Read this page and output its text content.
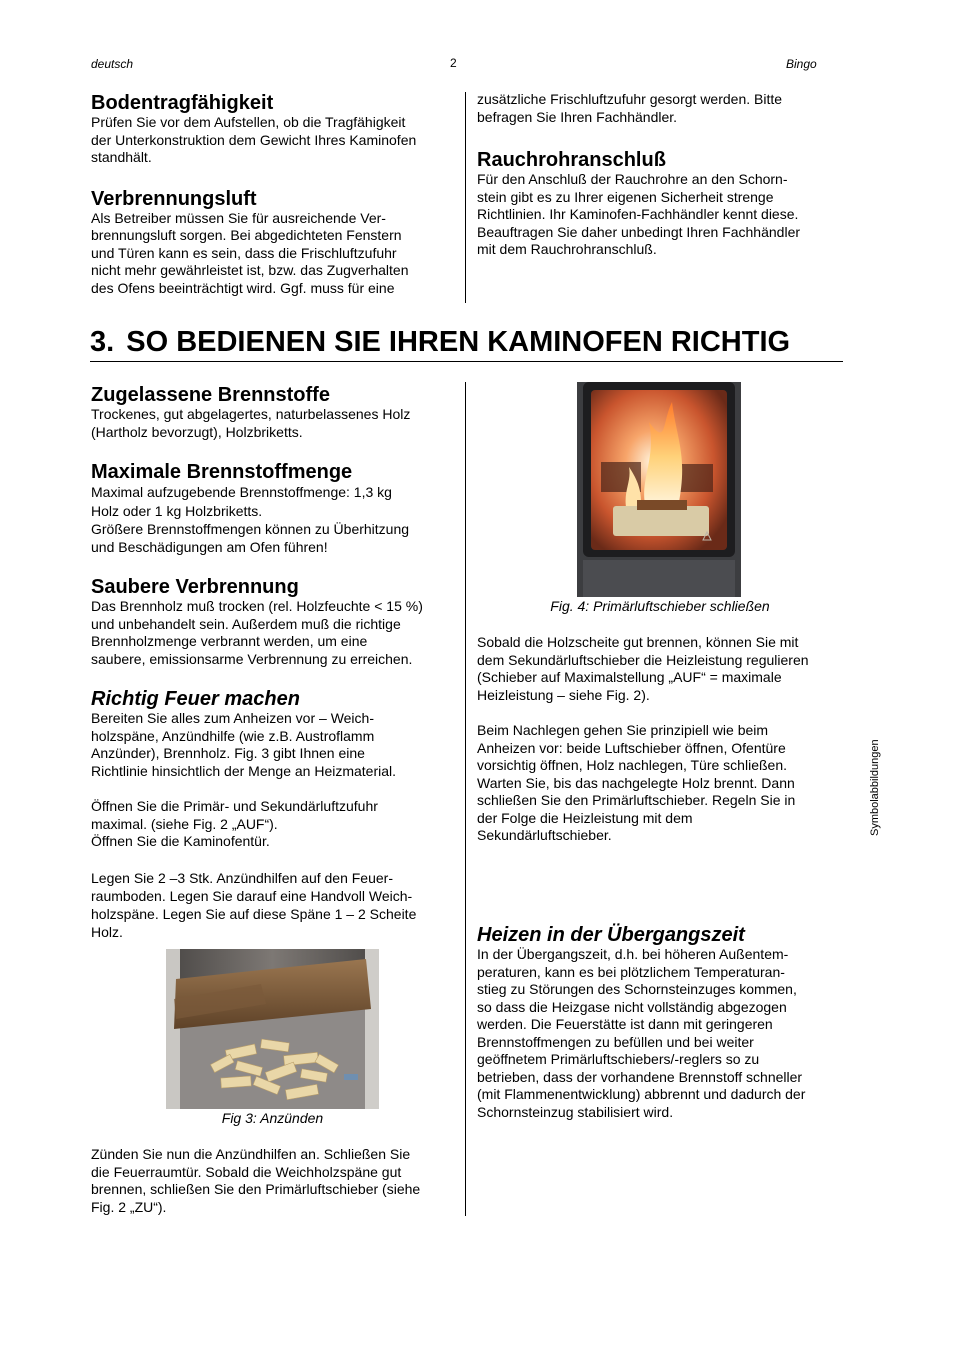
deutsch	2	Bingo
Bodentragfähigkeit

Prüfen Sie vor dem Aufstellen, ob die Tragfähigkeit
der Unterkonstruktion dem Gewicht Ihres Kaminofen
standhält.

Verbrennungsluft

Als Betreiber müssen Sie für ausreichende Ver-
brennungsluft sorgen. Bei abgedichteten Fenstern
und Türen kann es sein, dass die Frischluftzufuhr
nicht mehr gewährleistet ist, bzw. das Zugverhalten
des Ofens beeinträchtigt wird. Ggf. muss für eine

zusätzliche Frischluftzufuhr gesorgt werden. Bitte
befragen Sie Ihren Fachhändler.

Rauchrohranschluß

Für den Anschluß der Rauchrohre an den Schorn-
stein gibt es zu Ihrer eigenen Sicherheit strenge
Richtlinien. Ihr Kaminofen-Fachhändler kennt diese.
Beauftragen Sie daher unbedingt Ihren Fachhändler
mit dem Rauchrohranschluß.

3. SO BEDIENEN SIE IHREN KAMINOFEN RICHTIG
Zugelassene Brennstoffe

Trockenes, gut abgelagertes, naturbelassenes Holz
(Hartholz bevorzugt), Holzbriketts.

Maximale Brennstoffmenge

Maximal aufzugebende Brennstoffmenge: 1,3 kg
Holz oder 1 kg Holzbriketts.

Größere Brennstoffmengen können zu Überhitzung
und Beschädigungen am Ofen führen!

Saubere Verbrennung

Das Brennholz muß trocken (rel. Holzfeuchte < 15 %)
und unbehandelt sein. Außerdem muß die richtige
Brennholzmenge verbrannt werden, um eine
saubere, emissionsarme Verbrennung zu erreichen.

Richtig Feuer machen

Bereiten Sie alles zum Anheizen vor – Weich-
holzspäne, Anzündhilfe (wie z.B. Austroflamm
Anzünder), Brennholz. Fig. 3 gibt Ihnen eine
Richtlinie hinsichtlich der Menge an Heizmaterial.

Öffnen Sie die Primär- und Sekundärluftzufuhr
maximal. (siehe Fig. 2 „AUF“).
Öffnen Sie die Kaminofentür.

Legen Sie 2 –3 Stk. Anzündhilfen auf den Feuer-
raumboden. Legen Sie darauf eine Handvoll Weich-
holzspäne. Legen Sie auf diese Späne 1 – 2 Scheite
Holz.

Fig 3: Anzünden

Zünden Sie nun die Anzündhilfen an. Schließen Sie
die Feuerraumtür. Sobald die Weichholzspäne gut
brennen, schließen Sie den Primärluftschieber (siehe
Fig. 2 „ZU“).

Fig. 4: Primärluftschieber schließen

Sobald die Holzscheite gut brennen, können Sie mit
dem Sekundärluftschieber die Heizleistung regulieren
(Schieber auf Maximalstellung „AUF“ = maximale
Heizleistung – siehe Fig. 2).

Beim Nachlegen gehen Sie prinzipiell wie beim
Anheizen vor: beide Luftschieber öffnen, Ofentüre
vorsichtig öffnen, Holz nachlegen, Türe schließen.
Warten Sie, bis das nachgelegte Holz brennt. Dann
schließen Sie den Primärluftschieber. Regeln Sie in
der Folge die Heizleistung mit dem
Sekundärluftschieber.

Heizen in der Übergangszeit

In der Übergangszeit, d.h. bei höheren Außentem-
peraturen, kann es bei plötzlichem Temperaturan-
stieg zu Störungen des Schornsteinzuges kommen,
so dass die Heizgase nicht vollständig abgezogen
werden. Die Feuerstätte ist dann mit geringeren
Brennstoffmengen zu befüllen und bei weiter
geöffnetem Primärluftschiebers/-reglers so zu
betrieben, dass der vorhandene Brennstoff schneller
(mit Flammenentwicklung) abbrennt und dadurch der
Schornsteinzug stabilisiert wird.

Symbolabbildungen
